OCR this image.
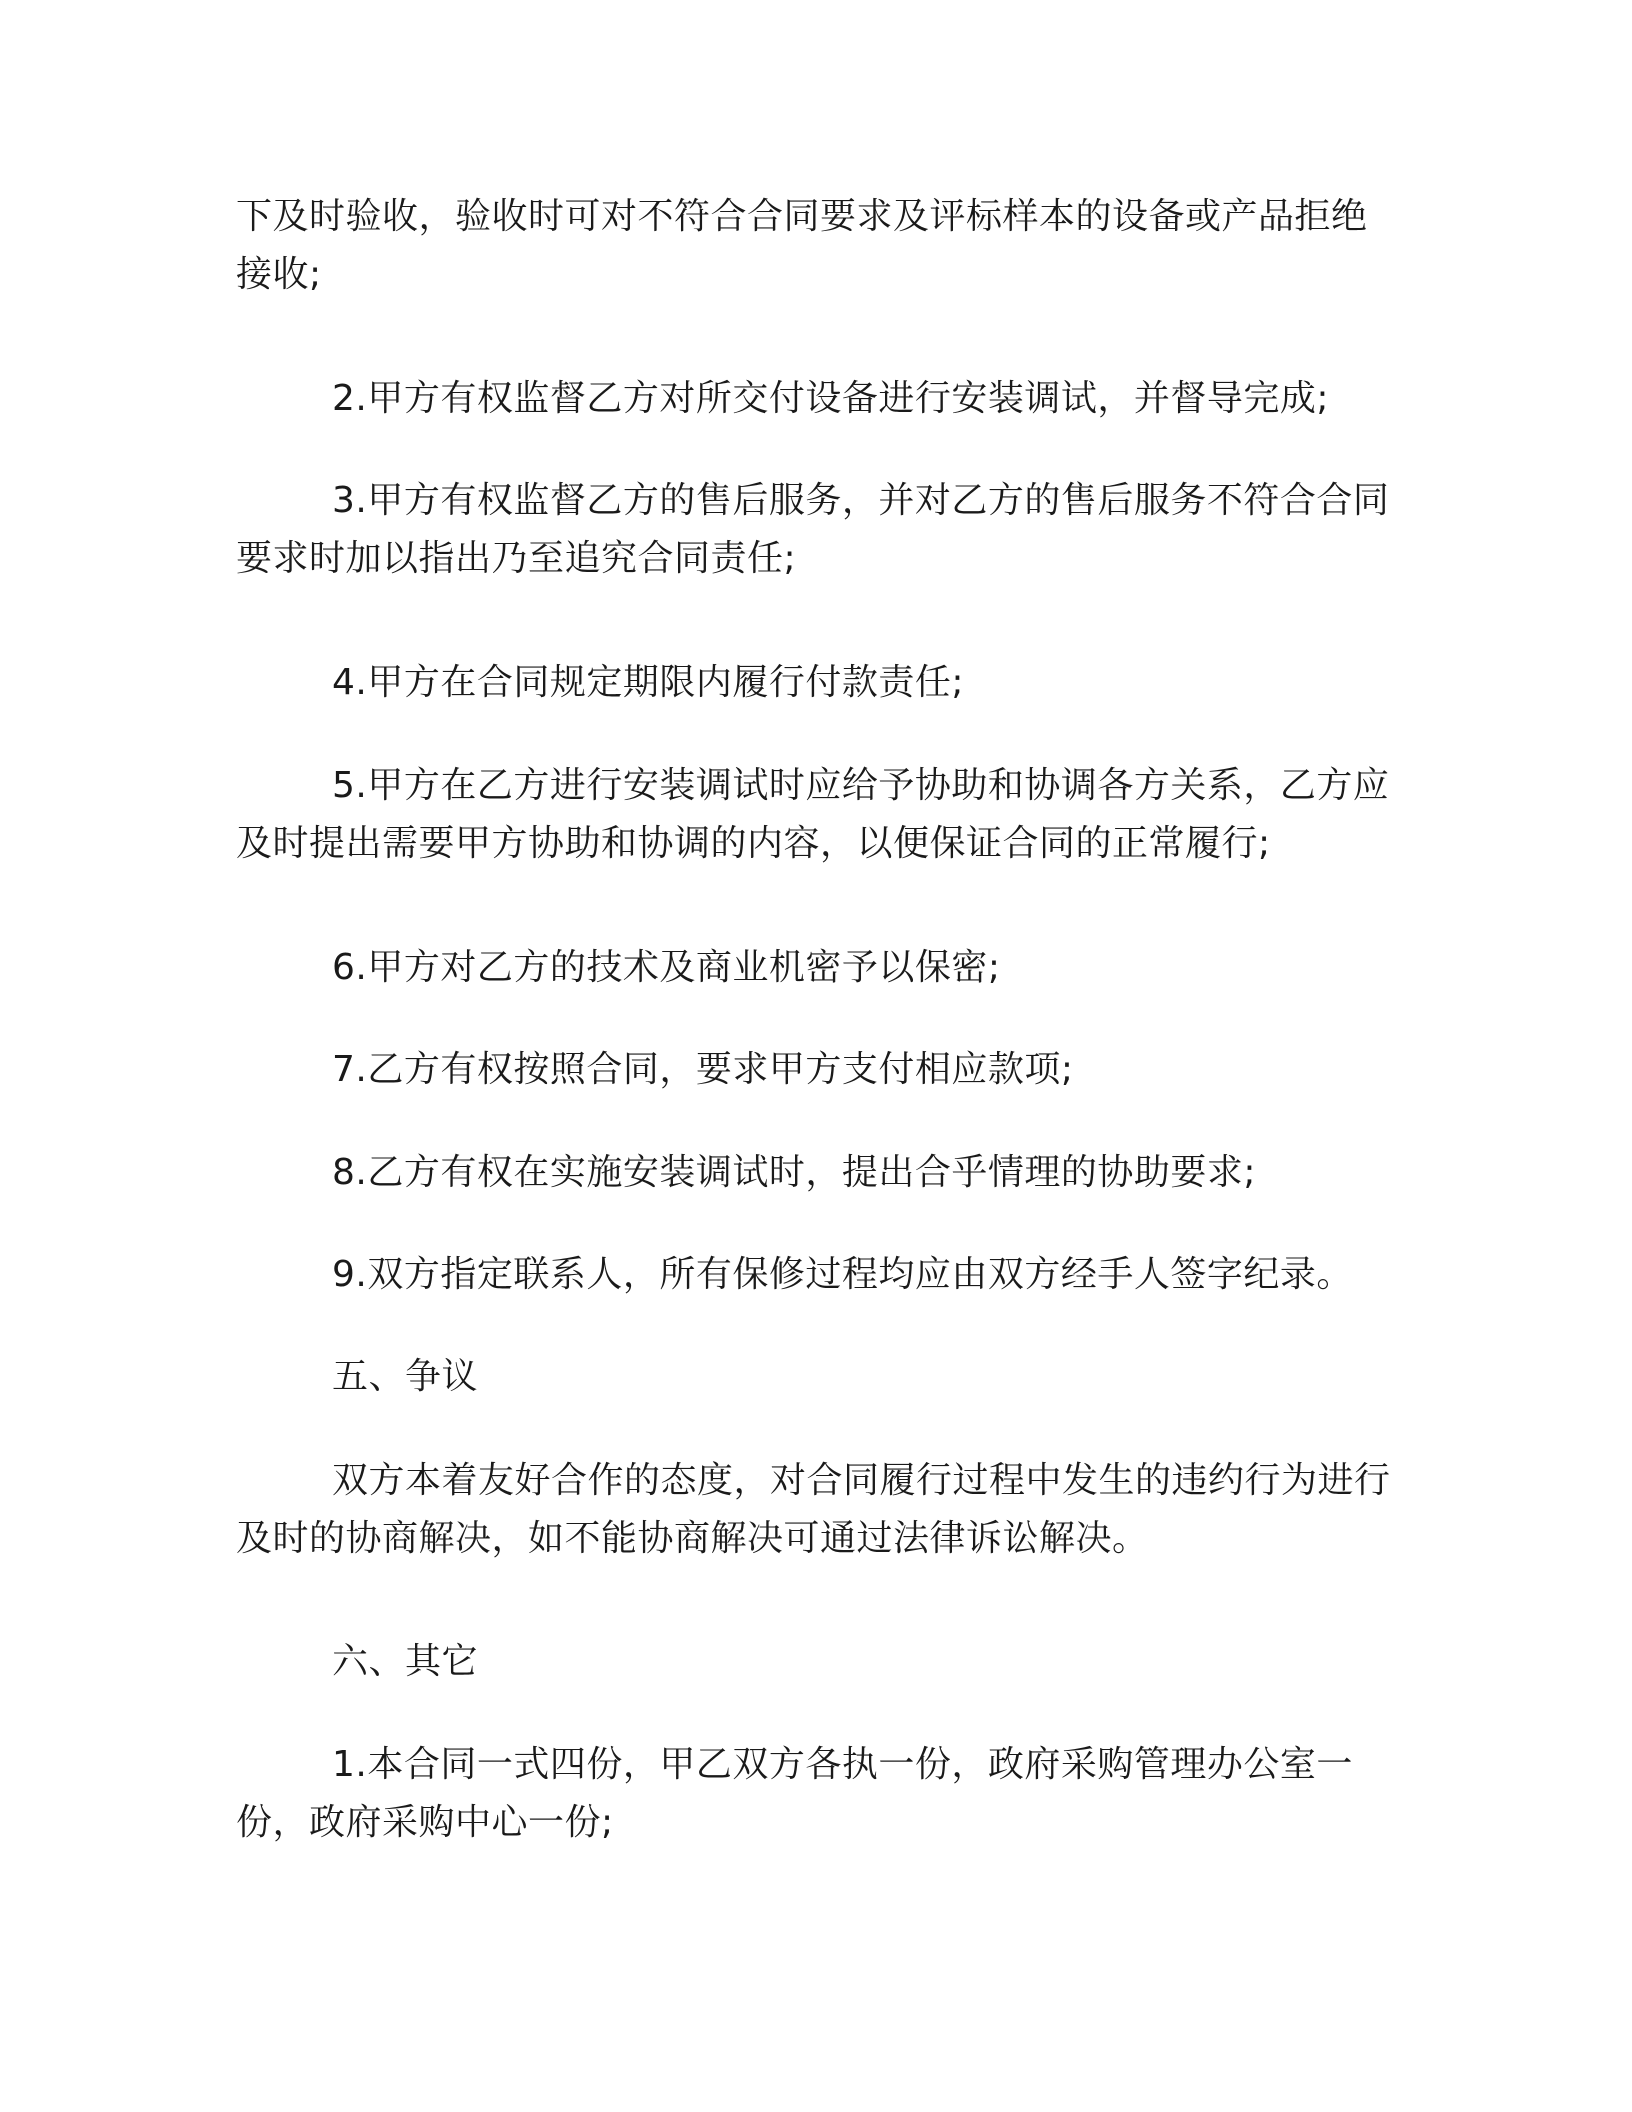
下及时验收，验收时可对不符合合同要求及评标样本的设备或产品拒绝接收;

2.甲方有权监督乙方对所交付设备进行安装调试，并督导完成;

3.甲方有权监督乙方的售后服务，并对乙方的售后服务不符合合同要求时加以指出乃至追究合同责任;

4.甲方在合同规定期限内履行付款责任;

5.甲方在乙方进行安装调试时应给予协助和协调各方关系，乙方应及时提出需要甲方协助和协调的内容，以便保证合同的正常履行;

6.甲方对乙方的技术及商业机密予以保密;

7.乙方有权按照合同，要求甲方支付相应款项;

8.乙方有权在实施安装调试时，提出合乎情理的协助要求;

9.双方指定联系人，所有保修过程均应由双方经手人签字纪录。

五、争议

双方本着友好合作的态度，对合同履行过程中发生的违约行为进行及时的协商解决，如不能协商解决可通过法律诉讼解决。

六、其它

1.本合同一式四份，甲乙双方各执一份，政府采购管理办公室一份，政府采购中心一份;
